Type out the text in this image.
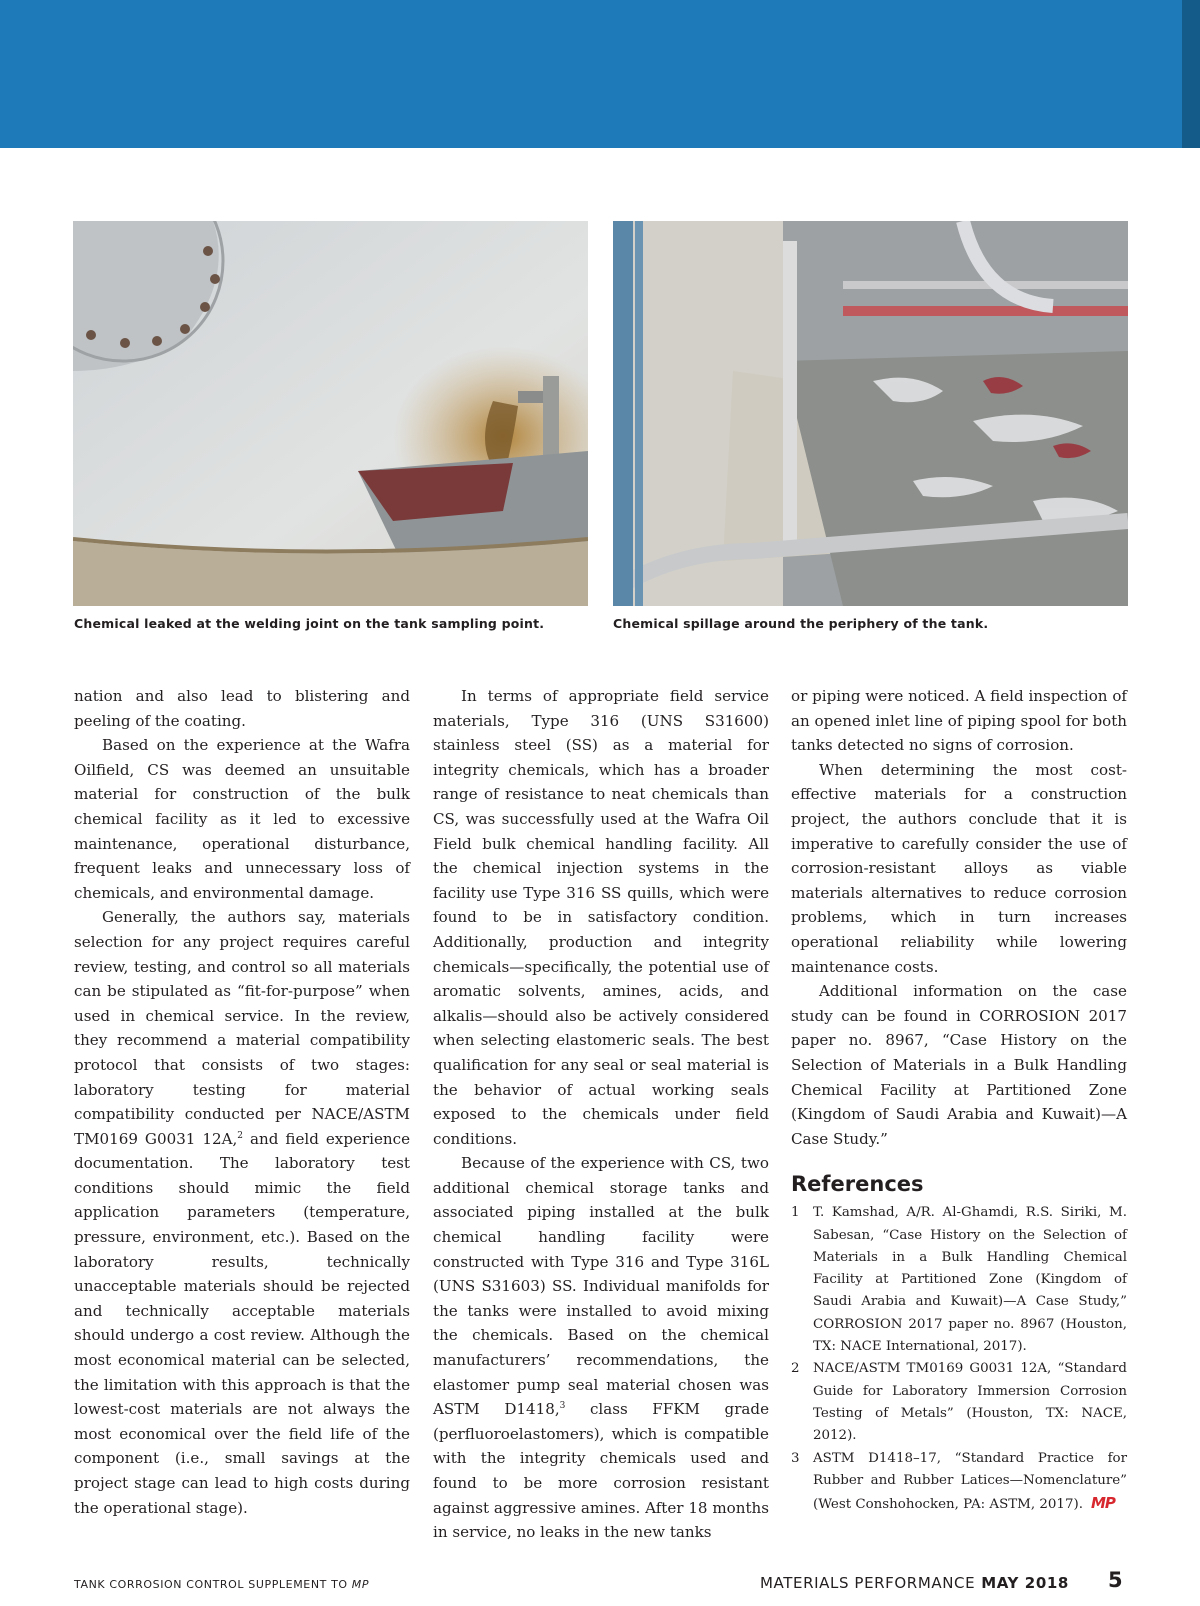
Chemical leaked at the welding joint on the tank sampling point.	Chemical spillage around the periphery of the tank.

nation and also lead to blistering and peeling of the coating.

Based on the experience at the Wafra Oilfield, CS was deemed an unsuitable material for construction of the bulk chemical facility as it led to excessive maintenance, operational disturbance, frequent leaks and unnecessary loss of chemicals, and environmental damage.

Generally, the authors say, materials selection for any project requires careful review, testing, and control so all materials can be stipulated as “fit-for-purpose” when used in chemical service. In the review, they recommend a material compatibility protocol that consists of two stages: laboratory testing for material compatibility conducted per NACE/ASTM TM0169 G0031 12A,$^2$ and field experience documentation. The laboratory test conditions should mimic the field application parameters (temperature, pressure, environment, etc.). Based on the laboratory results, technically unacceptable materials should be rejected and technically acceptable materials should undergo a cost review. Although the most economical material can be selected, the limitation with this approach is that the lowest-cost materials are not always the most economical over the field life of the component (i.e., small savings at the project stage can lead to high costs during the operational stage).

In terms of appropriate field service materials, Type 316 (UNS S31600) stainless steel (SS) as a material for integrity chemicals, which has a broader range of resistance to neat chemicals than CS, was successfully used at the Wafra Oil Field bulk chemical handling facility. All the chemical injection systems in the facility use Type 316 SS quills, which were found to be in satisfactory condition. Additionally, production and integrity chemicals—specifically, the potential use of aromatic solvents, amines, acids, and alkalis—should also be actively considered when selecting elastomeric seals. The best qualification for any seal or seal material is the behavior of actual working seals exposed to the chemicals under field conditions.

Because of the experience with CS, two additional chemical storage tanks and associated piping installed at the bulk chemical handling facility were constructed with Type 316 and Type 316L (UNS S31603) SS. Individual manifolds for the tanks were installed to avoid mixing the chemicals. Based on the chemical manufacturers’ recommendations, the elastomer pump seal material chosen was ASTM D1418,$^3$ class FFKM grade (perfluoroelastomers), which is compatible with the integrity chemicals used and found to be more corrosion resistant against aggressive amines. After 18 months in service, no leaks in the new tanks

or piping were noticed. A field inspection of an opened inlet line of piping spool for both tanks detected no signs of corrosion.

When determining the most cost-effective materials for a construction project, the authors conclude that it is imperative to carefully consider the use of corrosion-resistant alloys as viable materials alternatives to reduce corrosion problems, which in turn increases operational reliability while lowering maintenance costs.

Additional information on the case study can be found in CORROSION 2017 paper no. 8967, “Case History on the Selection of Materials in a Bulk Handling Chemical Facility at Partitioned Zone (Kingdom of Saudi Arabia and Kuwait)—A Case Study.”

References
1 T. Kamshad, A/R. Al-Ghamdi, R.S. Siriki, M. Sabesan, “Case History on the Selection of Materials in a Bulk Handling Chemical Facility at Partitioned Zone (Kingdom of Saudi Arabia and Kuwait)—A Case Study,” CORROSION 2017 paper no. 8967 (Houston, TX: NACE International, 2017).
2 NACE/ASTM TM0169 G0031 12A, “Standard Guide for Laboratory Immersion Corrosion Testing of Metals” (Houston, TX: NACE, 2012).
3 ASTM D1418–17, “Standard Practice for Rubber and Rubber Latices—Nomenclature” (West Conshohocken, PA: ASTM, 2017). MP
TANK CORROSION CONTROL SUPPLEMENT TO MP	MATERIALS PERFORMANCE MAY 2018 5
